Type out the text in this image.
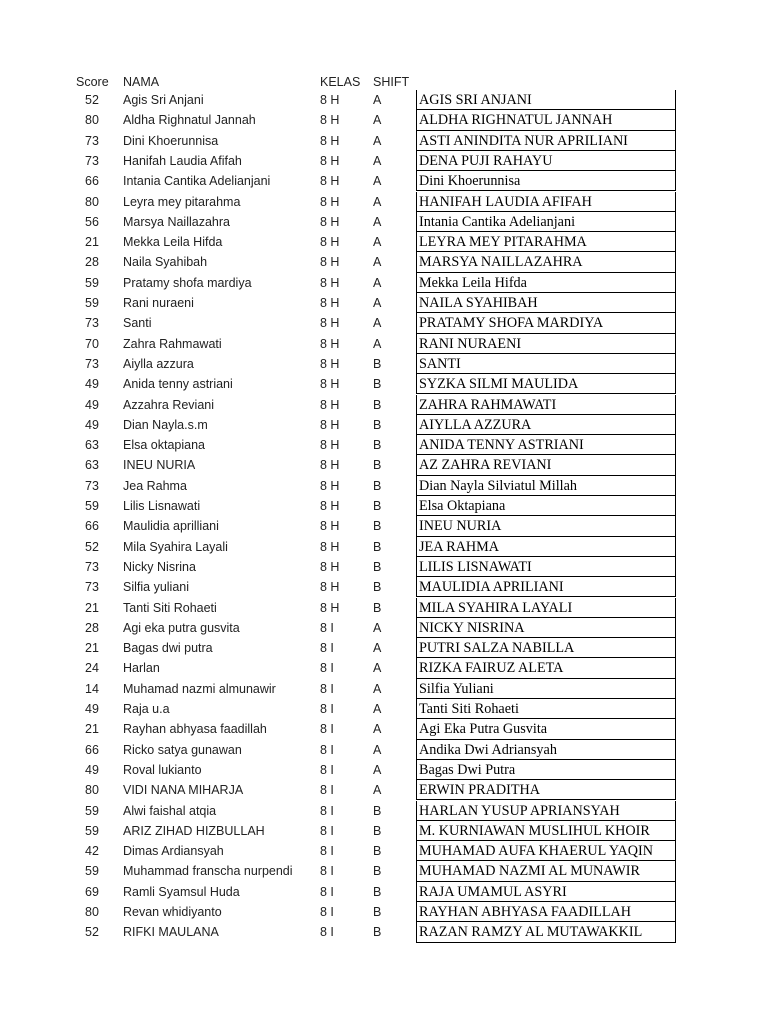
Score NAMA	KELAS SHIFT
52	Agis Sri Anjani	8 H	A	AGIS SRI ANJANI
80	Aldha Righnatul Jannah	8 H	A	ALDHA RIGHNATUL JANNAH
73	Dini Khoerunnisa	8 H	A	ASTI ANINDITA NUR APRILIANI
73	Hanifah Laudia Afifah	8 H	A	DENA PUJI RAHAYU
66	Intania Cantika Adelianjani	8 H	A	Dini Khoerunnisa
80	Leyra mey pitarahma	8 H	A	HANIFAH LAUDIA AFIFAH
56	Marsya Naillazahra	8 H	A	Intania Cantika Adelianjani
21	Mekka Leila Hifda	8 H	A	LEYRA MEY PITARAHMA
28	Naila Syahibah	8 H	A	MARSYA NAILLAZAHRA
59	Pratamy shofa mardiya	8 H	A	Mekka Leila Hifda
59	Rani nuraeni	8 H	A	NAILA SYAHIBAH
73	Santi	8 H	A	PRATAMY SHOFA MARDIYA
70	Zahra Rahmawati	8 H	A	RANI NURAENI
73	Aiylla azzura	8 H	B	SANTI
49	Anida tenny astriani	8 H	B	SYZKA SILMI MAULIDA
49	Azzahra Reviani	8 H	B	ZAHRA RAHMAWATI
49	Dian Nayla.s.m	8 H	B	AIYLLA AZZURA
63	Elsa oktapiana	8 H	B	ANIDA TENNY ASTRIANI
63	INEU NURIA	8 H	B	AZ ZAHRA REVIANI
73	Jea Rahma	8 H	B	Dian Nayla Silviatul Millah
59	Lilis Lisnawati	8 H	B	Elsa Oktapiana
66	Maulidia aprilliani	8 H	B	INEU NURIA
52	Mila Syahira Layali	8 H	B	JEA RAHMA
73	Nicky Nisrina	8 H	B	LILIS LISNAWATI
73	Silfia yuliani	8 H	B	MAULIDIA APRILIANI
21	Tanti Siti Rohaeti	8 H	B	MILA SYAHIRA LAYALI
28	Agi eka putra gusvita	8 I	A	NICKY NISRINA
21	Bagas dwi putra	8 I	A	PUTRI SALZA NABILLA
24	Harlan	8 I	A	RIZKA FAIRUZ ALETA
14	Muhamad nazmi almunawir	8 I	A	Silfia Yuliani
49	Raja u.a	8 I	A	Tanti Siti Rohaeti
21	Rayhan abhyasa faadillah	8 I	A	Agi Eka Putra Gusvita
66	Ricko satya gunawan	8 I	A	Andika Dwi Adriansyah
49	Roval lukianto	8 I	A	Bagas Dwi Putra
80	VIDI NANA MIHARJA	8 I	A	ERWIN PRADITHA
59	Alwi faishal atqia	8 I	B	HARLAN YUSUP APRIANSYAH
59	ARIZ ZIHAD HIZBULLAH	8 I	B	M. KURNIAWAN MUSLIHUL KHOIR
42	Dimas Ardiansyah	8 I	B	MUHAMAD AUFA KHAERUL YAQIN
59	Muhammad franscha nurpendi 8 I	B	MUHAMAD NAZMI AL MUNAWIR
69	Ramli Syamsul Huda	8 I	B	RAJA UMAMUL ASYRI
80	Revan whidiyanto	8 I	B	RAYHAN ABHYASA FAADILLAH
52	RIFKI MAULANA	8 I	B	RAZAN RAMZY AL MUTAWAKKIL
